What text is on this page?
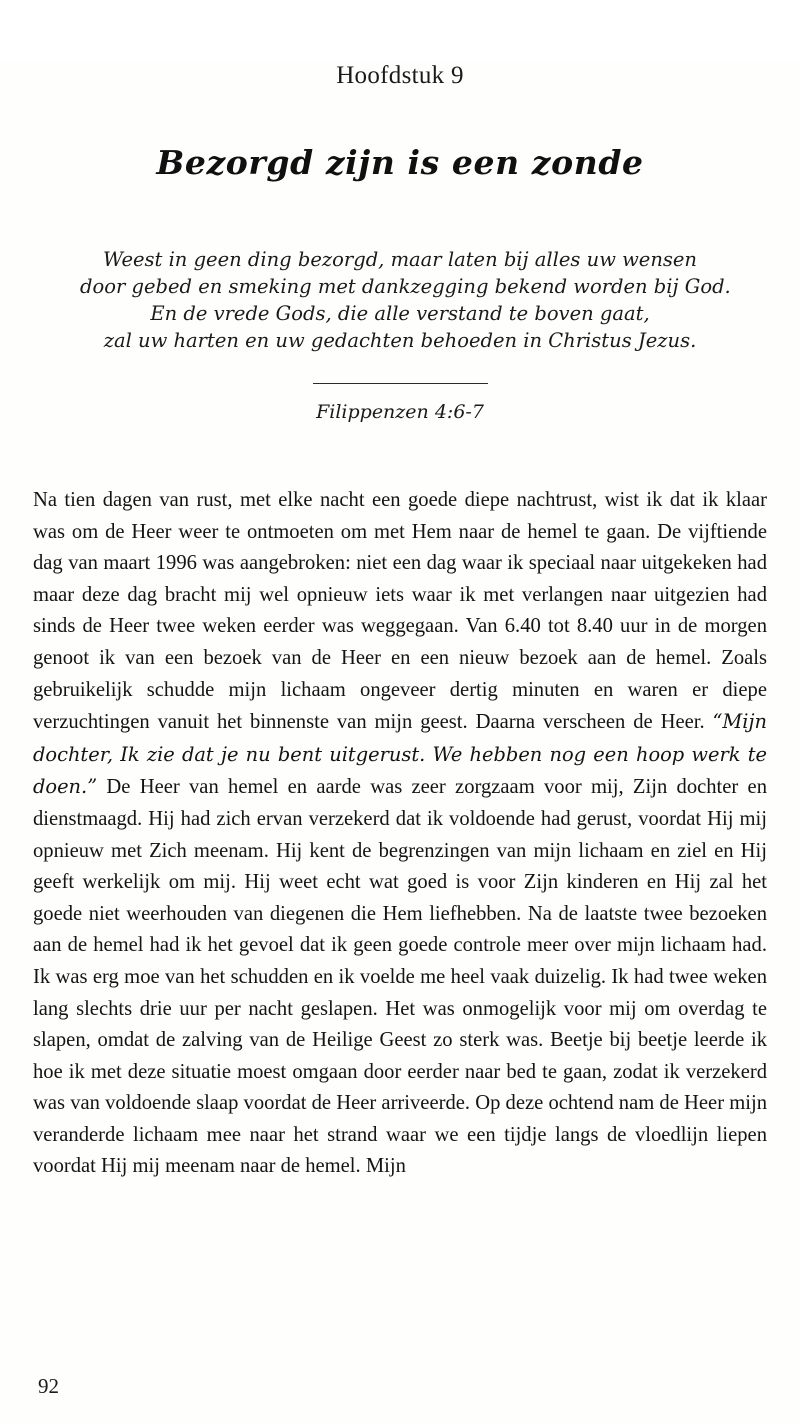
Hoofdstuk 9
Bezorgd zijn is een zonde
Weest in geen ding bezorgd, maar laten bij alles uw wensen
door gebed en smeking met dankzegging bekend worden bij God.
En de vrede Gods, die alle verstand te boven gaat,
zal uw harten en uw gedachten behoeden in Christus Jezus.
Filippenzen 4:6-7
Na tien dagen van rust, met elke nacht een goede diepe nachtrust, wist ik dat ik klaar was om de Heer weer te ontmoeten om met Hem naar de hemel te gaan. De vijftiende dag van maart 1996 was aangebroken: niet een dag waar ik speciaal naar uitgekeken had maar deze dag bracht mij wel opnieuw iets waar ik met verlangen naar uitgezien had sinds de Heer twee weken eerder was weggegaan. Van 6.40 tot 8.40 uur in de morgen genoot ik van een bezoek van de Heer en een nieuw bezoek aan de hemel. Zoals gebruikelijk schudde mijn lichaam ongeveer dertig minuten en waren er diepe verzuchtingen vanuit het binnenste van mijn geest. Daarna verscheen de Heer. “Mijn dochter, Ik zie dat je nu bent uitgerust. We hebben nog een hoop werk te doen.” De Heer van hemel en aarde was zeer zorgzaam voor mij, Zijn dochter en dienstmaagd. Hij had zich ervan verzekerd dat ik voldoende had gerust, voordat Hij mij opnieuw met Zich meenam. Hij kent de begrenzingen van mijn lichaam en ziel en Hij geeft werkelijk om mij. Hij weet echt wat goed is voor Zijn kinderen en Hij zal het goede niet weerhouden van diegenen die Hem liefhebben. Na de laatste twee bezoeken aan de hemel had ik het gevoel dat ik geen goede controle meer over mijn lichaam had. Ik was erg moe van het schudden en ik voelde me heel vaak duizelig. Ik had twee weken lang slechts drie uur per nacht geslapen. Het was onmogelijk voor mij om overdag te slapen, omdat de zalving van de Heilige Geest zo sterk was. Beetje bij beetje leerde ik hoe ik met deze situatie moest omgaan door eerder naar bed te gaan, zodat ik verzekerd was van voldoende slaap voordat de Heer arriveerde. Op deze ochtend nam de Heer mijn veranderde lichaam mee naar het strand waar we een tijdje langs de vloedlijn liepen voordat Hij mij meenam naar de hemel. Mijn
92
